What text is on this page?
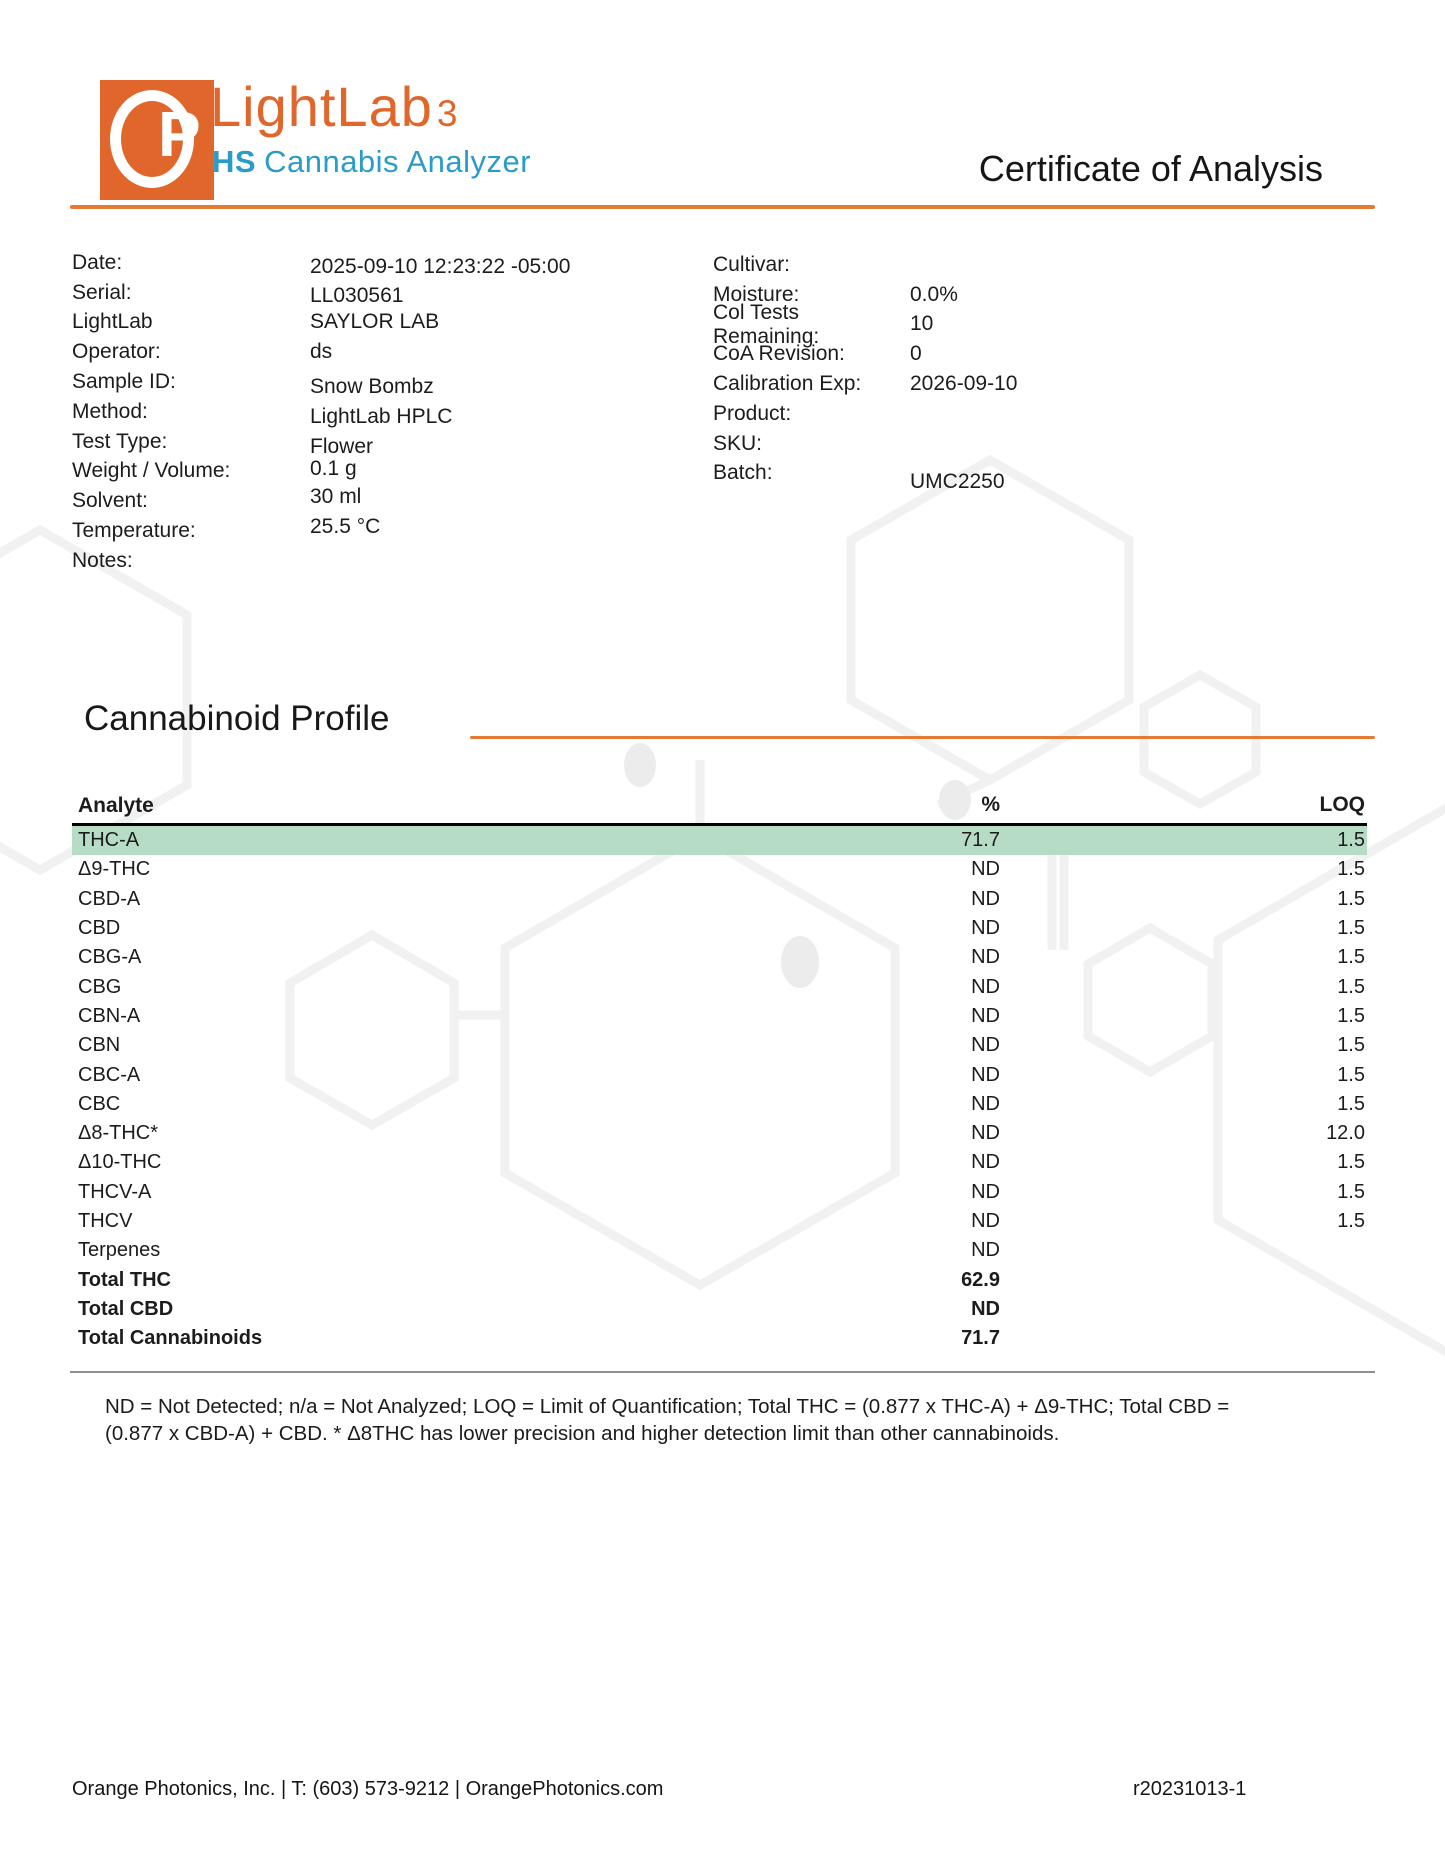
P LightLab 3
HS Cannabis Analyzer	Certificate of Analysis
Date:	2025-09-10 12:23:22 -05:00
Serial:	LL030561
LightLab	SAYLOR LAB
Operator:	ds
Sample ID:	Snow Bombz
Method:	LightLab HPLC
Test Type:	Flower
Weight / Volume:	0.1 g
Solvent:	30 ml
Temperature:	25.5 °C
Notes:
Cultivar:
Moisture:	0.0%
Col Tests Remaining:
10
CoA Revision:	0
Calibration Exp:	2026-09-10
Product:
SKU:
Batch:	UMC2250
Cannabinoid Profile
Analyte	%	LOQ
THC-A	71.7	1.5
Δ9-THC	ND	1.5
CBD-A	ND	1.5
CBD	ND	1.5
CBG-A	ND	1.5
CBG	ND	1.5
CBN-A	ND	1.5
CBN	ND	1.5
CBC-A	ND	1.5
CBC	ND	1.5
Δ8-THC*	ND	12.0
Δ10-THC	ND	1.5
THCV-A	ND	1.5
THCV	ND	1.5
Terpenes	ND
Total THC	62.9
Total CBD	ND
Total Cannabinoids	71.7
ND = Not Detected; n/a = Not Analyzed; LOQ = Limit of Quantification; Total THC = (0.877 x THC-A) + Δ9-THC; Total CBD =
(0.877 x CBD-A) + CBD. * Δ8THC has lower precision and higher detection limit than other cannabinoids.
Orange Photonics, Inc. | T: (603) 573-9212 | OrangePhotonics.com	r20231013-1
